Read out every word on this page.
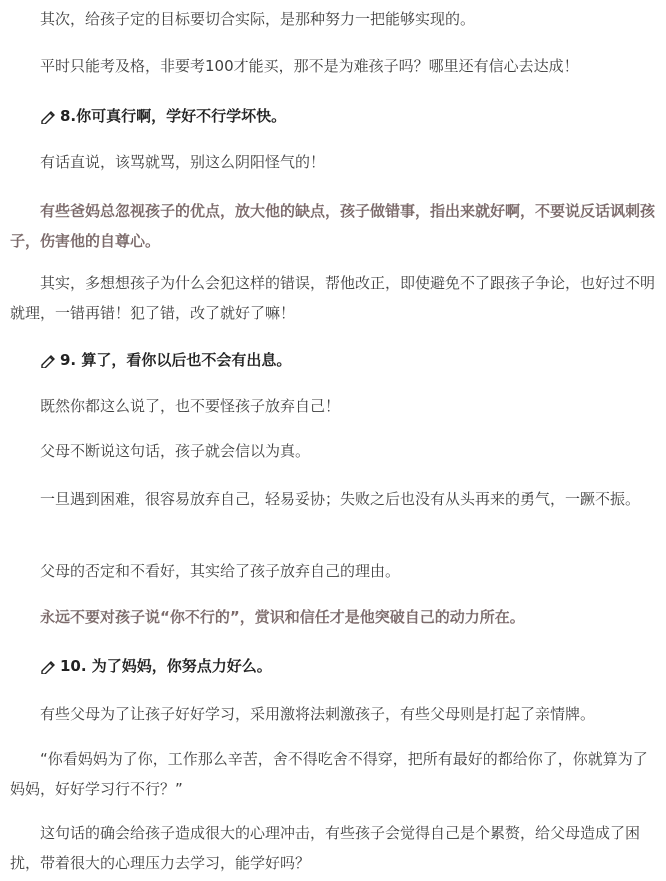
其次，给孩子定的目标要切合实际，是那种努力一把能够实现的。

平时只能考及格，非要考100才能买，那不是为难孩子吗？哪里还有信心去达成！

8.你可真行啊，学好不行学坏快。

有话直说，该骂就骂，别这么阴阳怪气的！

有些爸妈总忽视孩子的优点，放大他的缺点，孩子做错事，指出来就好啊，不要说反话讽刺孩子，伤害他的自尊心。

其实，多想想孩子为什么会犯这样的错误，帮他改正，即使避免不了跟孩子争论，也好过不明就理，一错再错！犯了错，改了就好了嘛！

9. 算了，看你以后也不会有出息。

既然你都这么说了，也不要怪孩子放弃自己！

父母不断说这句话，孩子就会信以为真。

一旦遇到困难，很容易放弃自己，轻易妥协；失败之后也没有从头再来的勇气，一蹶不振。

父母的否定和不看好，其实给了孩子放弃自己的理由。

永远不要对孩子说“你不行的”，赏识和信任才是他突破自己的动力所在。

10. 为了妈妈，你努点力好么。

有些父母为了让孩子好好学习，采用激将法刺激孩子，有些父母则是打起了亲情牌。

“你看妈妈为了你，工作那么辛苦，舍不得吃舍不得穿，把所有最好的都给你了，你就算为了妈妈，好好学习行不行？”

这句话的确会给孩子造成很大的心理冲击，有些孩子会觉得自己是个累赘，给父母造成了困扰，带着很大的心理压力去学习，能学好吗？
